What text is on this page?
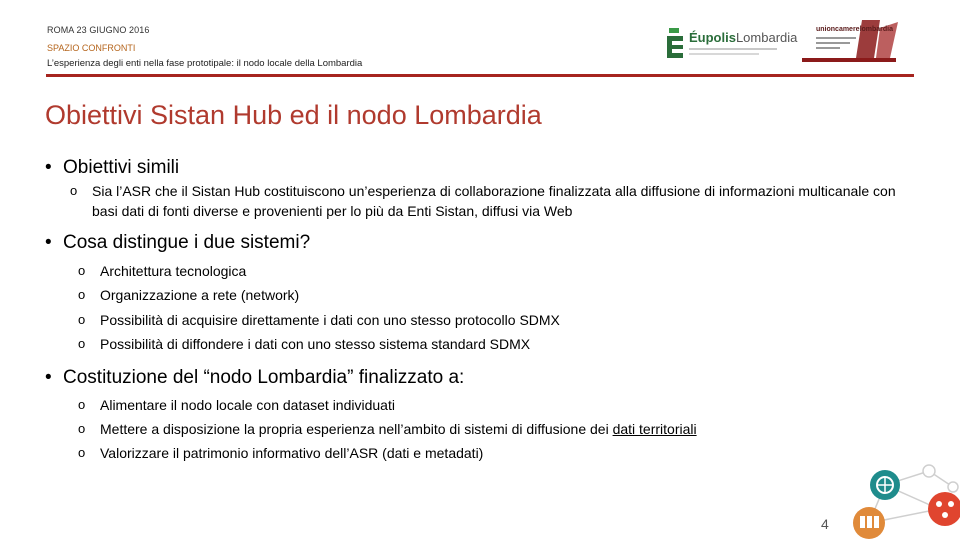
ROMA 23 GIUGNO 2016
SPAZIO CONFRONTI
L’esperienza degli enti nella fase prototipale: il nodo locale della Lombardia
ÉupolisLombardia
unioncamerelombardia
Obiettivi Sistan Hub ed il nodo Lombardia
• Obiettivi simili
o Sia l’ASR che il Sistan Hub costituiscono un’esperienza di collaborazione finalizzata alla diffusione di informazioni multicanale con basi dati di fonti diverse e provenienti per lo più da Enti Sistan, diffusi via Web
• Cosa distingue i due sistemi?
o Architettura tecnologica
o Organizzazione a rete (network)
o Possibilità di acquisire direttamente i dati con uno stesso protocollo SDMX
o Possibilità di diffondere i dati con uno stesso sistema standard SDMX
• Costituzione del “nodo Lombardia” finalizzato a:
o Alimentare il nodo locale con dataset individuati
o Mettere a disposizione la propria esperienza nell’ambito di sistemi di diffusione dei dati territoriali
o Valorizzare il patrimonio informativo dell’ASR (dati e metadati)
4
